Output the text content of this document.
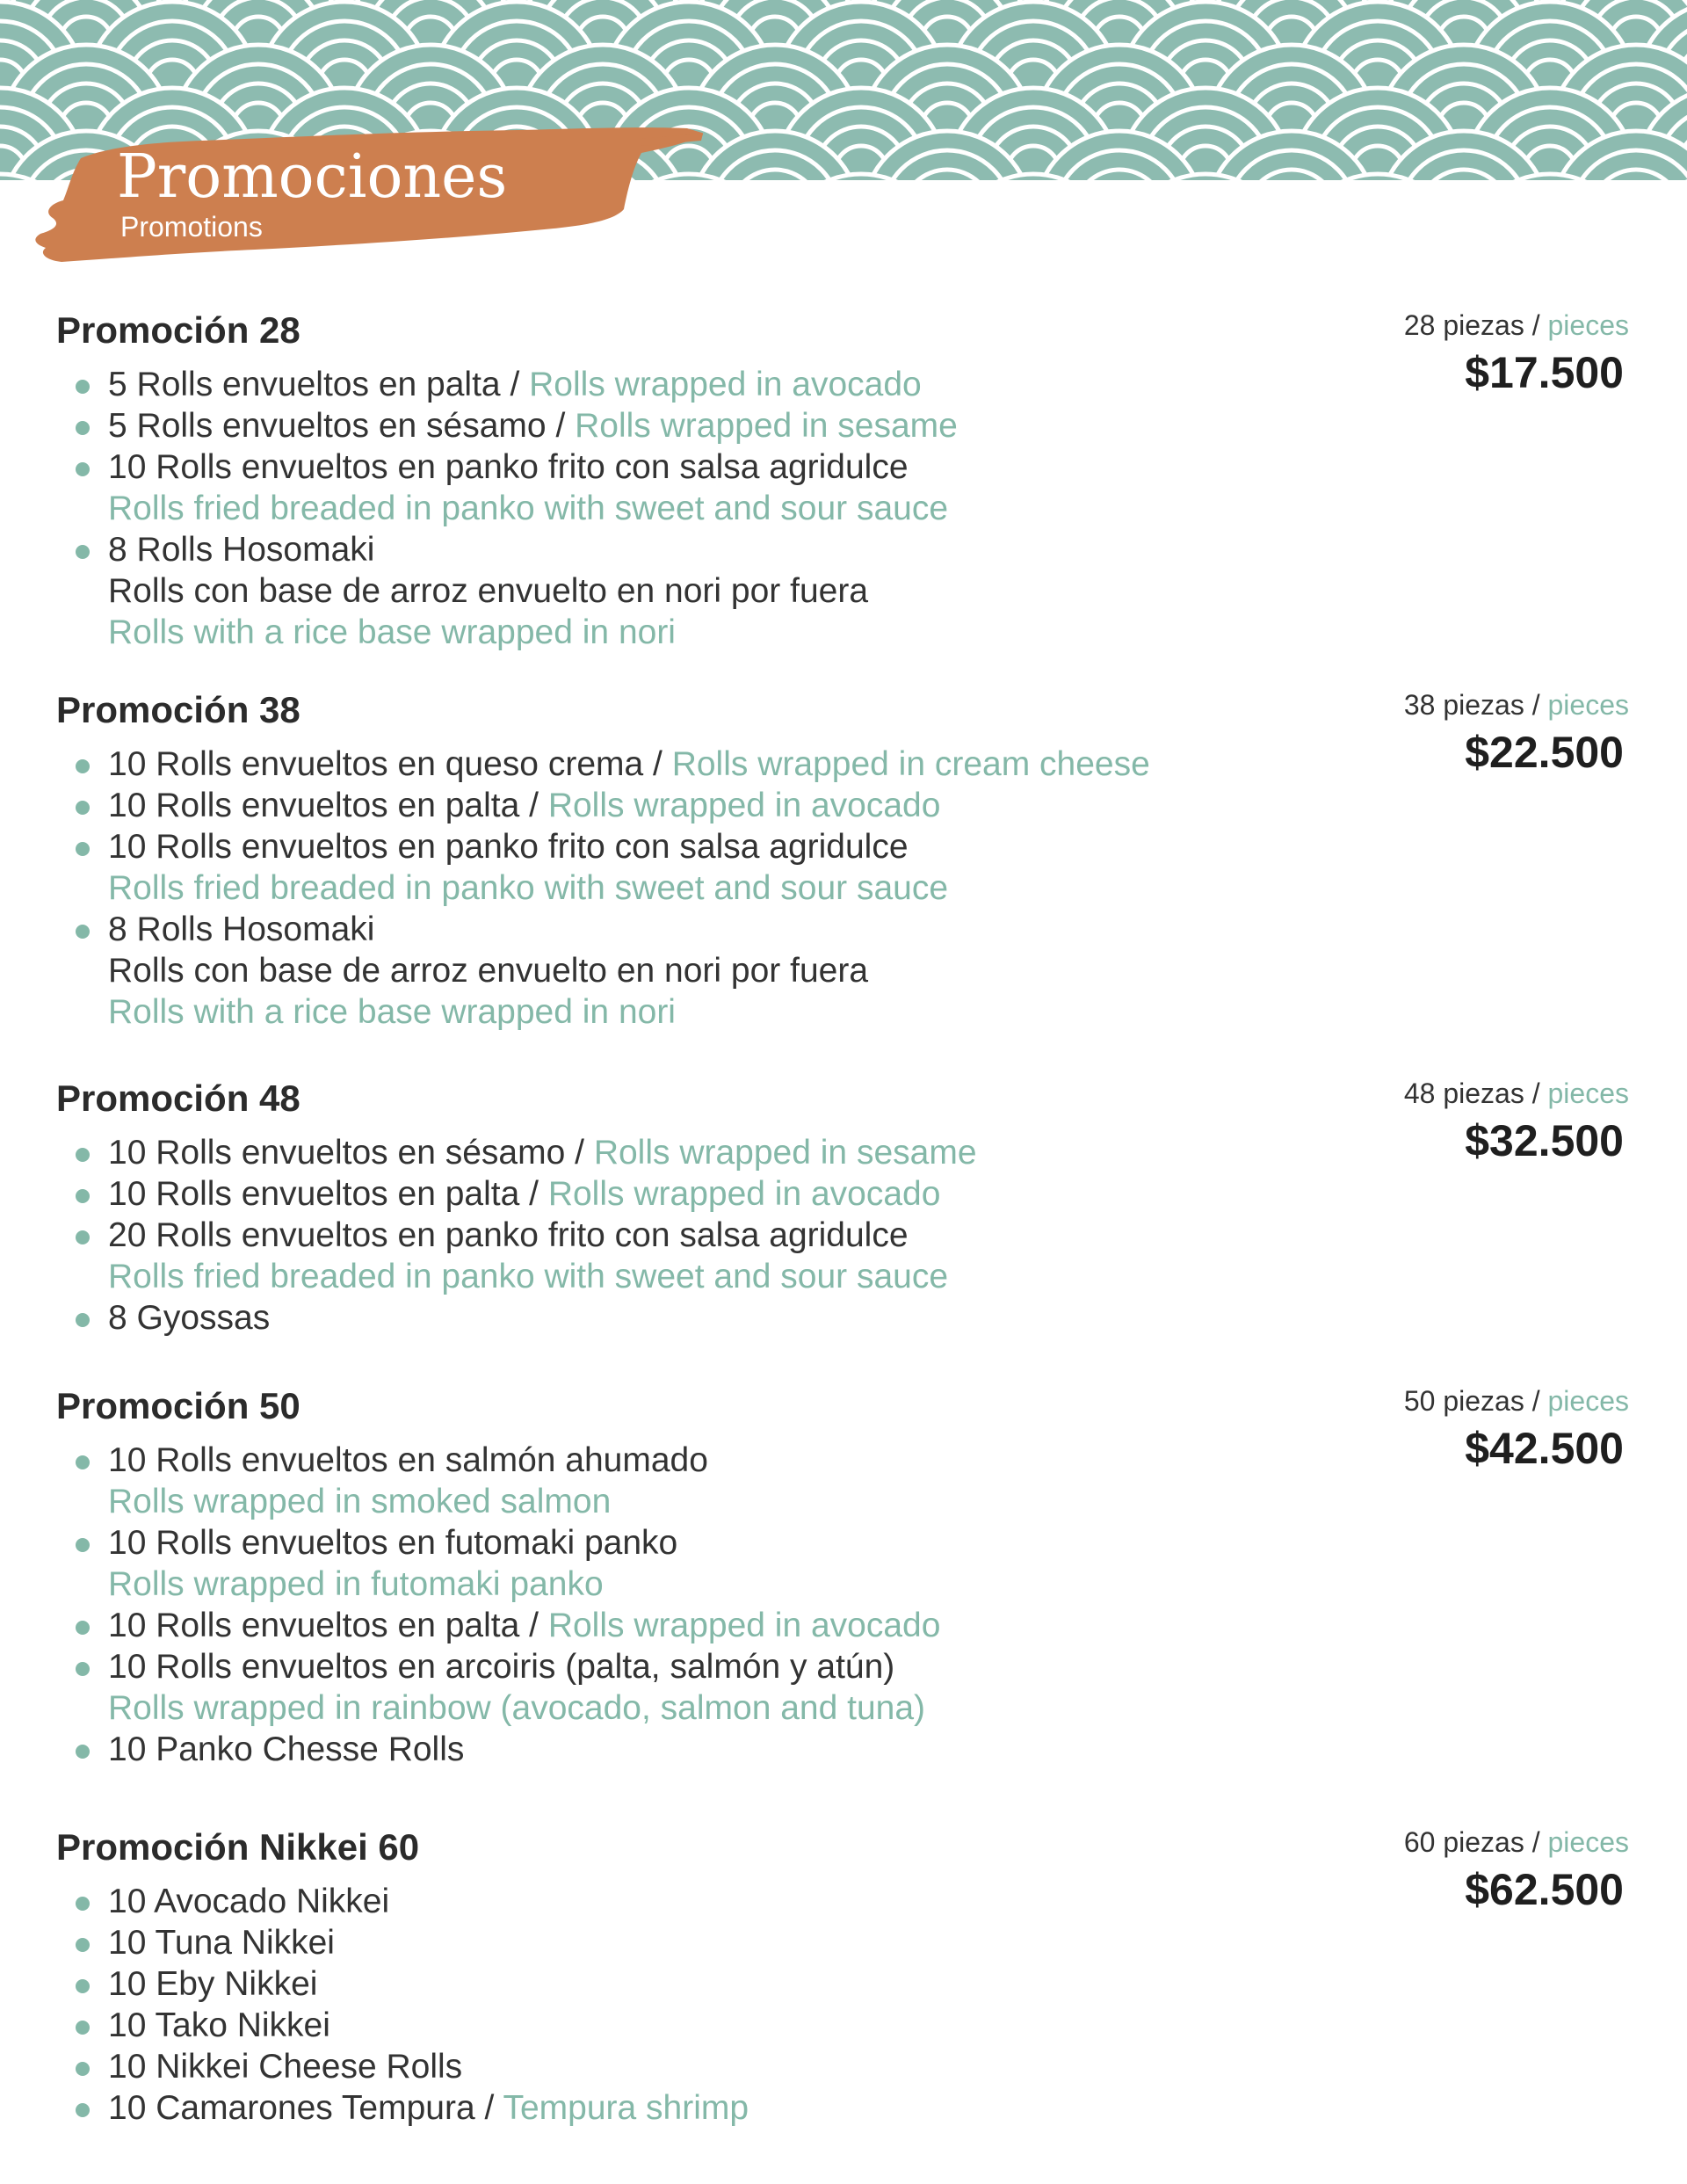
Promociones
Promotions
Promoción 28	28 piezas / pieces
$17.500
5 Rolls envueltos en palta / Rolls wrapped in avocado
5 Rolls envueltos en sésamo / Rolls wrapped in sesame
10 Rolls envueltos en panko frito con salsa agridulce
Rolls fried breaded in panko with sweet and sour sauce
8 Rolls Hosomaki
Rolls con base de arroz envuelto en nori por fuera
Rolls with a rice base wrapped in nori
Promoción 38	38 piezas / pieces
$22.500
10 Rolls envueltos en queso crema / Rolls wrapped in cream cheese
10 Rolls envueltos en palta / Rolls wrapped in avocado
10 Rolls envueltos en panko frito con salsa agridulce
Rolls fried breaded in panko with sweet and sour sauce
8 Rolls Hosomaki
Rolls con base de arroz envuelto en nori por fuera
Rolls with a rice base wrapped in nori
Promoción 48	48 piezas / pieces
$32.500
10 Rolls envueltos en sésamo / Rolls wrapped in sesame
10 Rolls envueltos en palta / Rolls wrapped in avocado
20 Rolls envueltos en panko frito con salsa agridulce
Rolls fried breaded in panko with sweet and sour sauce
8 Gyossas
Promoción 50	50 piezas / pieces
$42.500
10 Rolls envueltos en salmón ahumado
Rolls wrapped in smoked salmon
10 Rolls envueltos en futomaki panko
Rolls wrapped in futomaki panko
10 Rolls envueltos en palta / Rolls wrapped in avocado
10 Rolls envueltos en arcoiris (palta, salmón y atún)
Rolls wrapped in rainbow (avocado, salmon and tuna)
10 Panko Chesse Rolls
Promoción Nikkei 60	60 piezas / pieces
$62.500
10 Avocado Nikkei
10 Tuna Nikkei
10 Eby Nikkei
10 Tako Nikkei
10 Nikkei Cheese Rolls
10 Camarones Tempura / Tempura shrimp
